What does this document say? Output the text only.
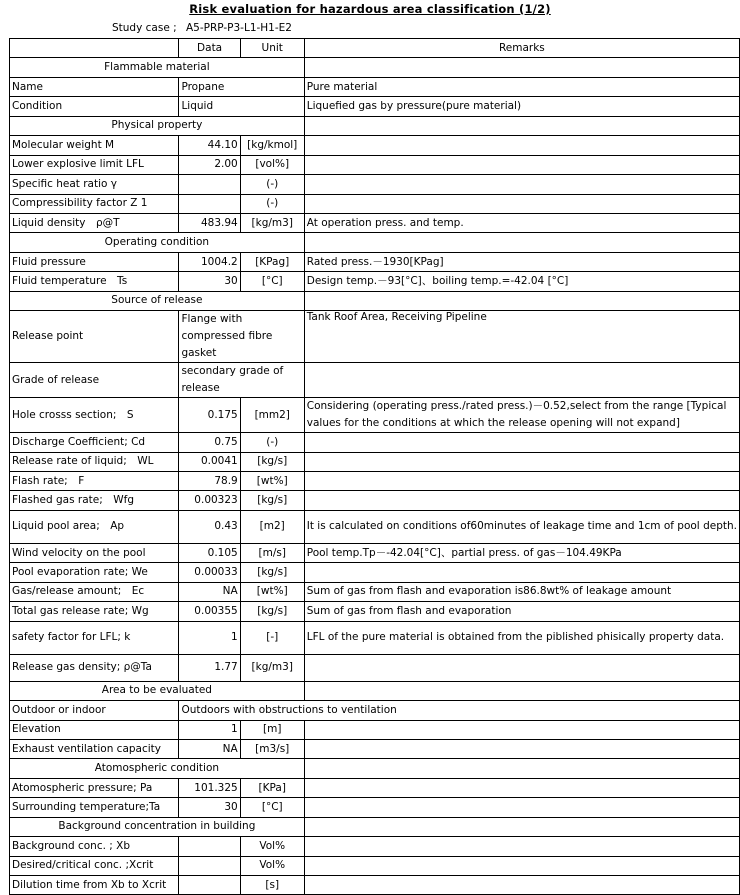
Risk evaluation for hazardous area classification (1/2)
Study case ; A5-PRP-P3-L1-H1-E2
	Data	Unit	Remarks
Flammable material			
Name	Propane		Pure material
Condition	Liquid		Liquefied gas by pressure(pure material)
Physical property			
Molecular weight M	44.10	[kg/kmol]	
Lower explosive limit LFL	2.00	[vol%]	
Specific heat ratio γ		(-)	
Compressibility factor Z 1		(-)	
Liquid density　ρ@T	483.94	[kg/m3]	At operation press. and temp.
Operating condition			
Fluid pressure	1004.2	[KPag]	Rated press.－1930[KPag]
Fluid temperature　Ts	30	[°C]	Design temp.－93[°C]、boiling temp.=-42.04 [°C]
Source of release			
Release point	Flange with compressed fibre gasket		Tank Roof Area, Receiving Pipeline
Grade of release	secondary grade of release		
Hole crosss section;　S	0.175	[mm2]	Considering (operating press./rated press.)－0.52,select from the range [Typical values for the conditions at which the release opening will not expand]
Discharge Coefficient; Cd	0.75	(-)	
Release rate of liquid;　WL	0.0041	[kg/s]	
Flash rate;　F	78.9	[wt%]	
Flashed gas rate;　Wfg	0.00323	[kg/s]	
Liquid pool area;　Ap	0.43	[m2]	It is calculated on conditions of60minutes of leakage time and 1cm of pool depth.
Wind velocity on the pool	0.105	[m/s]	Pool temp.Tp－-42.04[°C]、partial press. of gas－104.49KPa
Pool evaporation rate; We	0.00033	[kg/s]	
Gas/release amount;　Ec	NA	[wt%]	Sum of gas from flash and evaporation is86.8wt% of leakage amount
Total gas release rate; Wg	0.00355	[kg/s]	Sum of gas from flash and evaporation
safety factor for LFL; k	1	[-]	LFL of the pure material is obtained from the piblished phisically property data.
Release gas density; ρ@Ta	1.77	[kg/m3]	
Area to be evaluated			
Outdoor or indoor	Outdoors with obstructions to ventilation		
Elevation	1	[m]	
Exhaust ventilation capacity	NA	[m3/s]	
Atomospheric condition			
Atomospheric pressure; Pa	101.325	[KPa]	
Surrounding temperature;Ta	30	[°C]	
Background concentration in building			
Background conc. ; Xb		Vol%	
Desired/critical conc. ;Xcrit		Vol%	
Dilution time from Xb to Xcrit		[s]	
